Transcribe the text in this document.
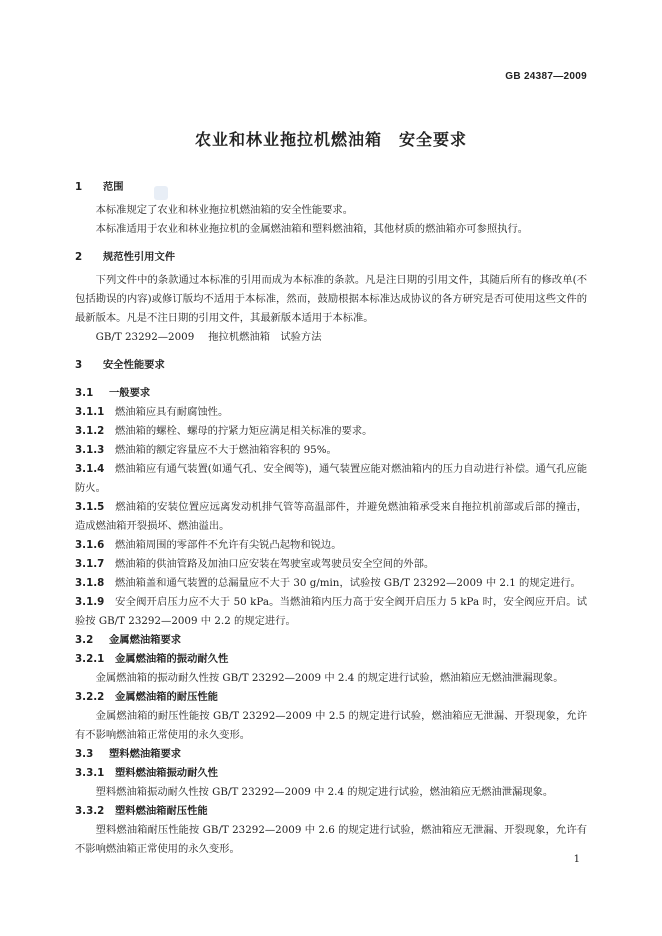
GB 24387—2009
农业和林业拖拉机燃油箱　安全要求
1 范围

本标准规定了农业和林业拖拉机燃油箱的安全性能要求。

本标准适用于农业和林业拖拉机的金属燃油箱和塑料燃油箱，其他材质的燃油箱亦可参照执行。

2 规范性引用文件

下列文件中的条款通过本标准的引用而成为本标准的条款。凡是注日期的引用文件，其随后所有的修改单(不包括勘误的内容)或修订版均不适用于本标准，然而，鼓励根据本标准达成协议的各方研究是否可使用这些文件的最新版本。凡是不注日期的引用文件，其最新版本适用于本标准。

GB/T 23292—2009 拖拉机燃油箱　试验方法

3 安全性能要求
3.1 一般要求

3.1.1 燃油箱应具有耐腐蚀性。

3.1.2 燃油箱的螺栓、螺母的拧紧力矩应满足相关标准的要求。

3.1.3 燃油箱的额定容量应不大于燃油箱容积的 95%。

3.1.4 燃油箱应有通气装置(如通气孔、安全阀等)，通气装置应能对燃油箱内的压力自动进行补偿。通气孔应能防火。

3.1.5 燃油箱的安装位置应远离发动机排气管等高温部件，并避免燃油箱承受来自拖拉机前部或后部的撞击，造成燃油箱开裂损坏、燃油溢出。

3.1.6 燃油箱周围的零部件不允许有尖锐凸起物和锐边。

3.1.7 燃油箱的供油管路及加油口应安装在驾驶室或驾驶员安全空间的外部。

3.1.8 燃油箱盖和通气装置的总漏量应不大于 30 g/min，试验按 GB/T 23292—2009 中 2.1 的规定进行。

3.1.9 安全阀开启压力应不大于 50 kPa。当燃油箱内压力高于安全阀开启压力 5 kPa 时，安全阀应开启。试验按 GB/T 23292—2009 中 2.2 的规定进行。

3.2 金属燃油箱要求
3.2.1 金属燃油箱的振动耐久性

金属燃油箱的振动耐久性按 GB/T 23292—2009 中 2.4 的规定进行试验，燃油箱应无燃油泄漏现象。

3.2.2 金属燃油箱的耐压性能

金属燃油箱的耐压性能按 GB/T 23292—2009 中 2.5 的规定进行试验，燃油箱应无泄漏、开裂现象，允许有不影响燃油箱正常使用的永久变形。

3.3 塑料燃油箱要求
3.3.1 塑料燃油箱振动耐久性

塑料燃油箱振动耐久性按 GB/T 23292—2009 中 2.4 的规定进行试验，燃油箱应无燃油泄漏现象。

3.3.2 塑料燃油箱耐压性能

塑料燃油箱耐压性能按 GB/T 23292—2009 中 2.6 的规定进行试验，燃油箱应无泄漏、开裂现象，允许有不影响燃油箱正常使用的永久变形。

1
